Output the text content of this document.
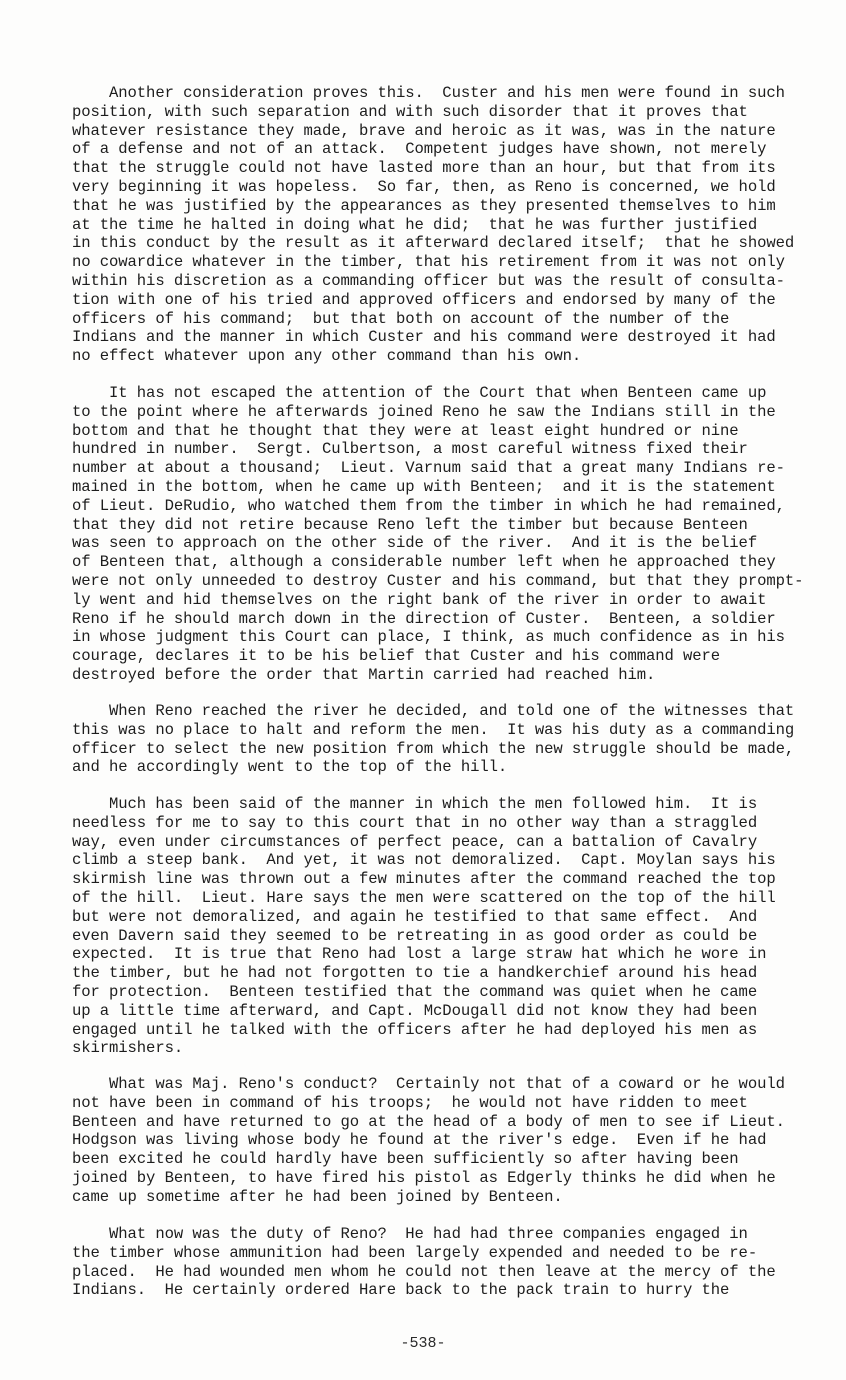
Another consideration proves this.  Custer and his men were found in such
position, with such separation and with such disorder that it proves that
whatever resistance they made, brave and heroic as it was, was in the nature
of a defense and not of an attack.  Competent judges have shown, not merely
that the struggle could not have lasted more than an hour, but that from its
very beginning it was hopeless.  So far, then, as Reno is concerned, we hold
that he was justified by the appearances as they presented themselves to him
at the time he halted in doing what he did;  that he was further justified
in this conduct by the result as it afterward declared itself;  that he showed
no cowardice whatever in the timber, that his retirement from it was not only
within his discretion as a commanding officer but was the result of consulta-
tion with one of his tried and approved officers and endorsed by many of the
officers of his command;  but that both on account of the number of the
Indians and the manner in which Custer and his command were destroyed it had
no effect whatever upon any other command than his own.
It has not escaped the attention of the Court that when Benteen came up
to the point where he afterwards joined Reno he saw the Indians still in the
bottom and that he thought that they were at least eight hundred or nine
hundred in number.  Sergt. Culbertson, a most careful witness fixed their
number at about a thousand;  Lieut. Varnum said that a great many Indians re-
mained in the bottom, when he came up with Benteen;  and it is the statement
of Lieut. DeRudio, who watched them from the timber in which he had remained,
that they did not retire because Reno left the timber but because Benteen
was seen to approach on the other side of the river.  And it is the belief
of Benteen that, although a considerable number left when he approached they
were not only unneeded to destroy Custer and his command, but that they prompt-
ly went and hid themselves on the right bank of the river in order to await
Reno if he should march down in the direction of Custer.  Benteen, a soldier
in whose judgment this Court can place, I think, as much confidence as in his
courage, declares it to be his belief that Custer and his command were
destroyed before the order that Martin carried had reached him.
When Reno reached the river he decided, and told one of the witnesses that
this was no place to halt and reform the men.  It was his duty as a commanding
officer to select the new position from which the new struggle should be made,
and he accordingly went to the top of the hill.
Much has been said of the manner in which the men followed him.  It is
needless for me to say to this court that in no other way than a straggled
way, even under circumstances of perfect peace, can a battalion of Cavalry
climb a steep bank.  And yet, it was not demoralized.  Capt. Moylan says his
skirmish line was thrown out a few minutes after the command reached the top
of the hill.  Lieut. Hare says the men were scattered on the top of the hill
but were not demoralized, and again he testified to that same effect.  And
even Davern said they seemed to be retreating in as good order as could be
expected.  It is true that Reno had lost a large straw hat which he wore in
the timber, but he had not forgotten to tie a handkerchief around his head
for protection.  Benteen testified that the command was quiet when he came
up a little time afterward, and Capt. McDougall did not know they had been
engaged until he talked with the officers after he had deployed his men as
skirmishers.
What was Maj. Reno's conduct?  Certainly not that of a coward or he would
not have been in command of his troops;  he would not have ridden to meet
Benteen and have returned to go at the head of a body of men to see if Lieut.
Hodgson was living whose body he found at the river's edge.  Even if he had
been excited he could hardly have been sufficiently so after having been
joined by Benteen, to have fired his pistol as Edgerly thinks he did when he
came up sometime after he had been joined by Benteen.
What now was the duty of Reno?  He had had three companies engaged in
the timber whose ammunition had been largely expended and needed to be re-
placed.  He had wounded men whom he could not then leave at the mercy of the
Indians.  He certainly ordered Hare back to the pack train to hurry the
-538-
